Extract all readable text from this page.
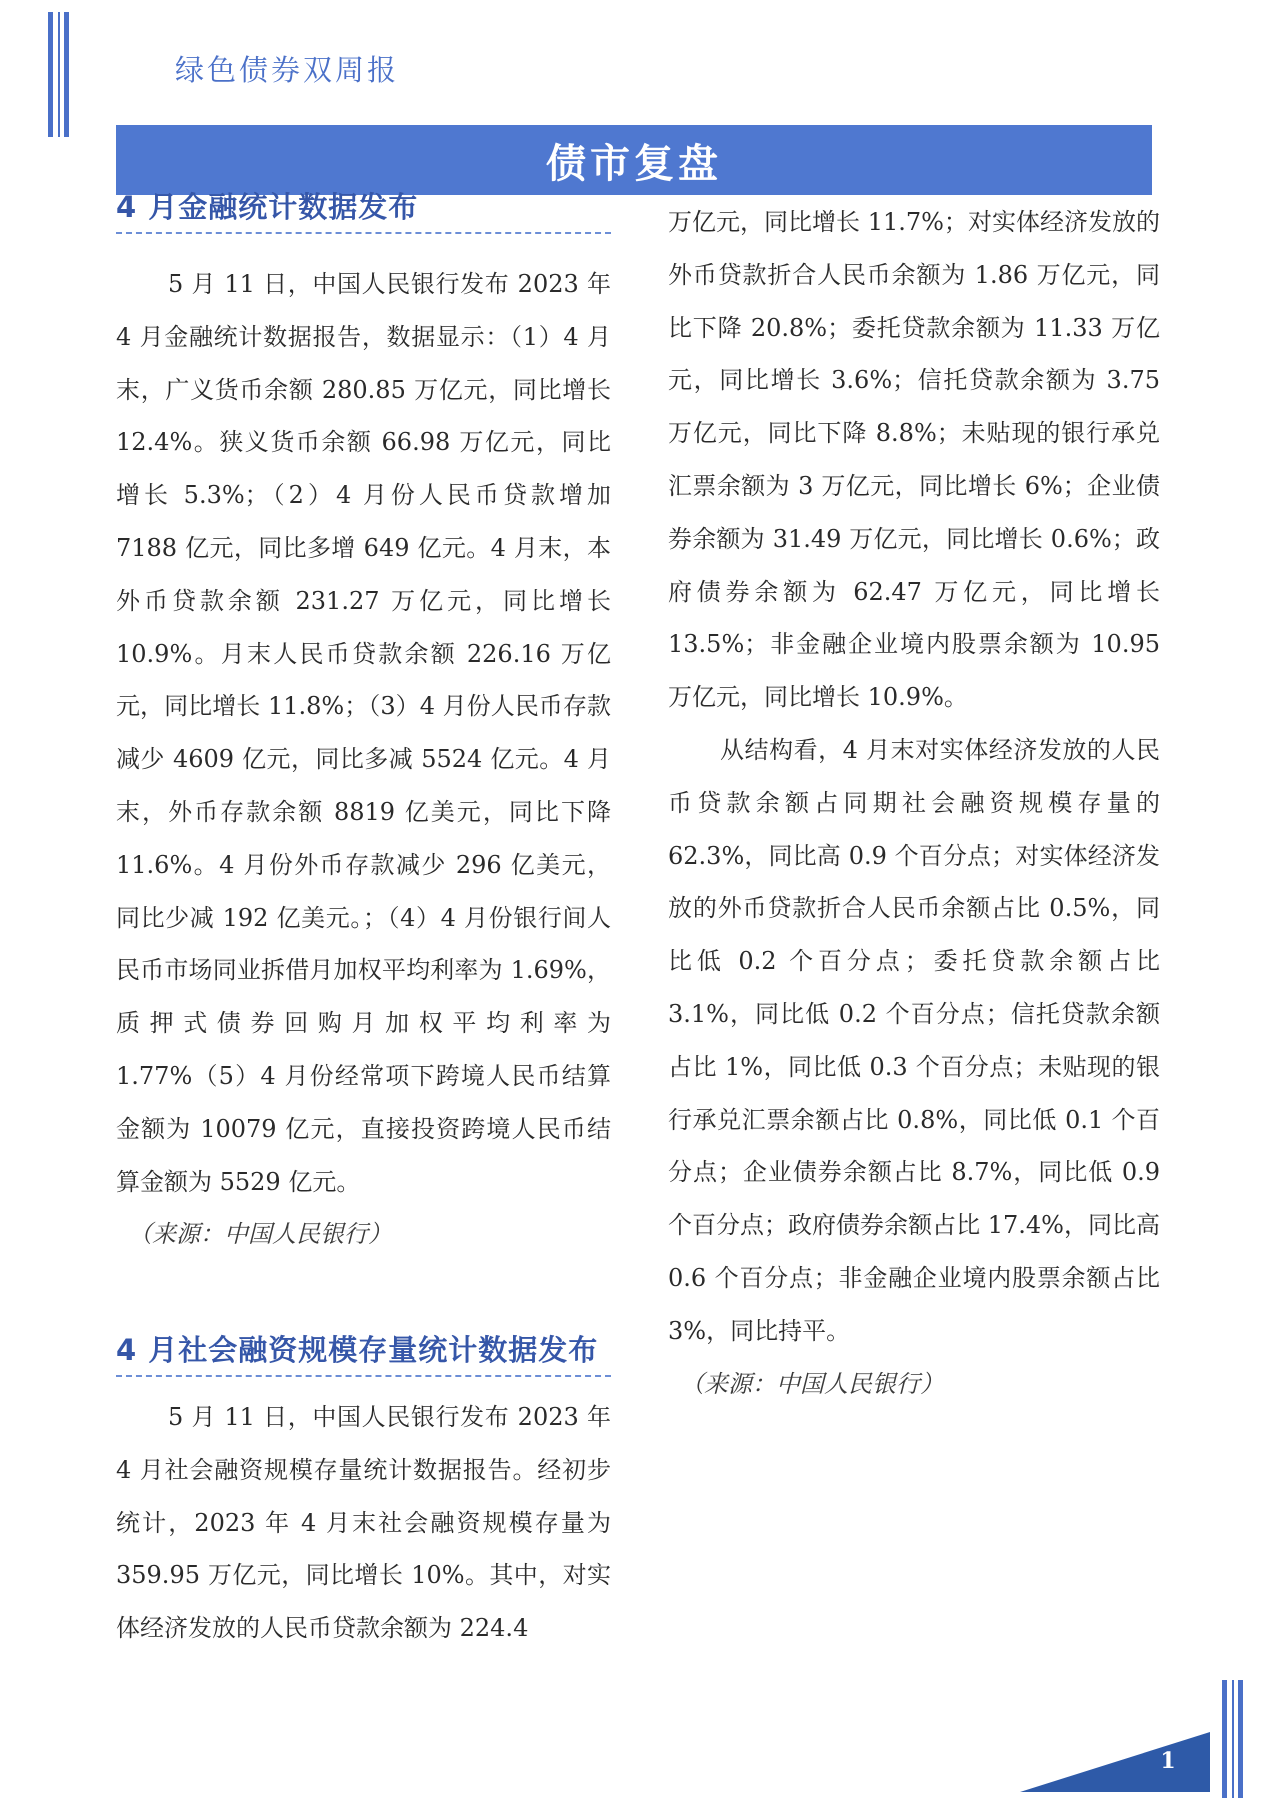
绿色债券双周报
债市复盘
4 月金融统计数据发布

5 月 11 日，中国人民银行发布 2023 年 4 月金融统计数据报告，数据显示：（1）4 月末，广义货币余额 280.85 万亿元，同比增长 12.4%。狭义货币余额 66.98 万亿元，同比增长 5.3%；（2）4 月份人民币贷款增加 7188 亿元，同比多增 649 亿元。4 月末，本外币贷款余额 231.27 万亿元，同比增长 10.9%。月末人民币贷款余额 226.16 万亿元，同比增长 11.8%；（3）4 月份人民币存款减少 4609 亿元，同比多减 5524 亿元。4 月末，外币存款余额 8819 亿美元，同比下降 11.6%。4 月份外币存款减少 296 亿美元，同比少减 192 亿美元。；（4）4 月份银行间人民币市场同业拆借月加权平均利率为 1.69%，质押式债券回购月加权平均利率为 1.77%（5）4 月份经常项下跨境人民币结算金额为 10079 亿元，直接投资跨境人民币结算金额为 5529 亿元。

（来源：中国人民银行）

4 月社会融资规模存量统计数据发布

5 月 11 日，中国人民银行发布 2023 年 4 月社会融资规模存量统计数据报告。经初步统计，2023 年 4 月末社会融资规模存量为 359.95 万亿元，同比增长 10%。其中，对实体经济发放的人民币贷款余额为 224.4

万亿元，同比增长 11.7%；对实体经济发放的外币贷款折合人民币余额为 1.86 万亿元，同比下降 20.8%；委托贷款余额为 11.33 万亿元，同比增长 3.6%；信托贷款余额为 3.75 万亿元，同比下降 8.8%；未贴现的银行承兑汇票余额为 3 万亿元，同比增长 6%；企业债券余额为 31.49 万亿元，同比增长 0.6%；政府债券余额为 62.47 万亿元，同比增长 13.5%；非金融企业境内股票余额为 10.95 万亿元，同比增长 10.9%。

从结构看，4 月末对实体经济发放的人民币贷款余额占同期社会融资规模存量的 62.3%，同比高 0.9 个百分点；对实体经济发放的外币贷款折合人民币余额占比 0.5%，同比低 0.2 个百分点；委托贷款余额占比 3.1%，同比低 0.2 个百分点；信托贷款余额占比 1%，同比低 0.3 个百分点；未贴现的银行承兑汇票余额占比 0.8%，同比低 0.1 个百分点；企业债券余额占比 8.7%，同比低 0.9 个百分点；政府债券余额占比 17.4%，同比高 0.6 个百分点；非金融企业境内股票余额占比 3%，同比持平。

（来源：中国人民银行）

1
